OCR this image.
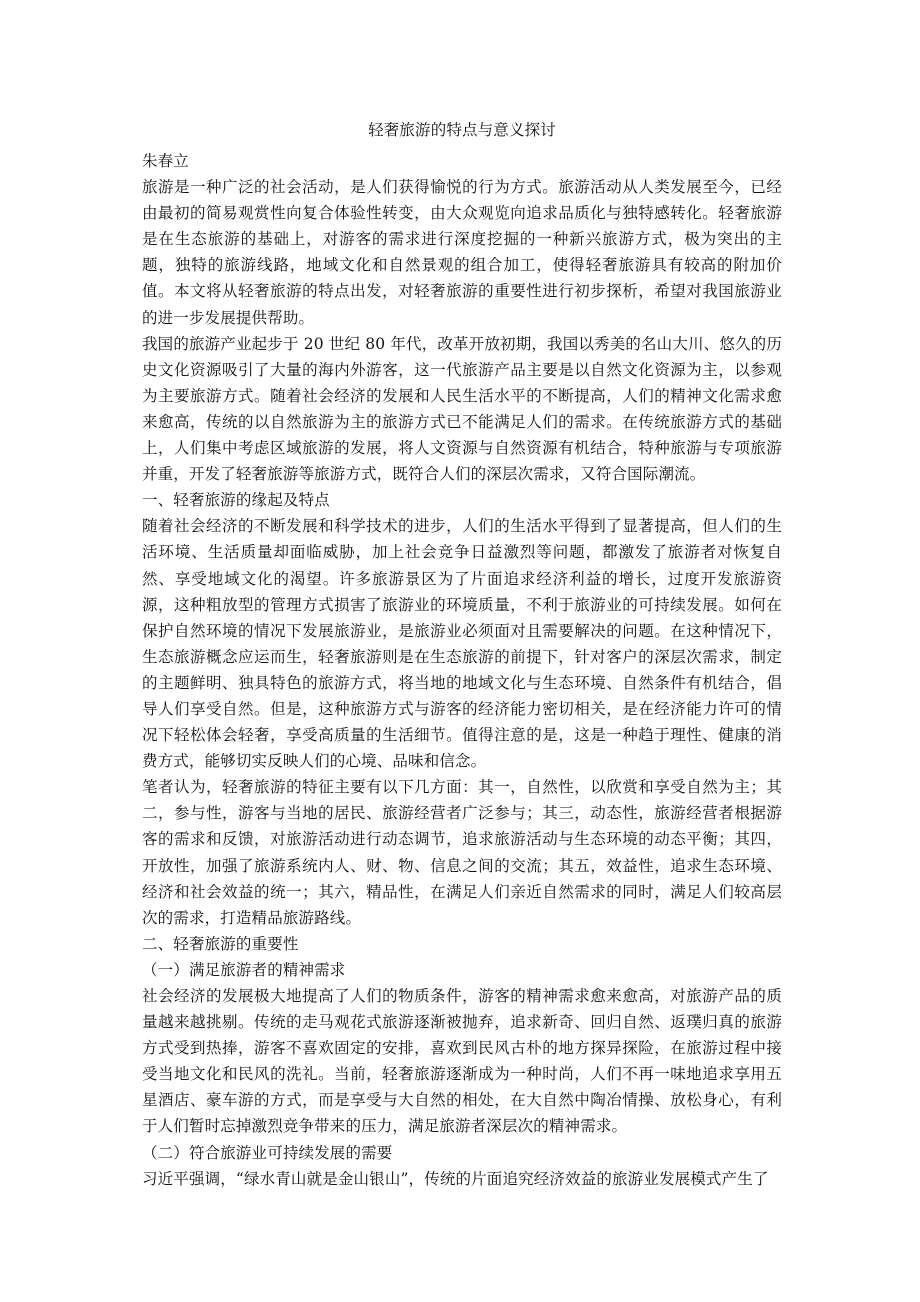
轻奢旅游的特点与意义探讨

朱春立

旅游是一种广泛的社会活动，是人们获得愉悦的行为方式。旅游活动从人类发展至今，已经由最初的简易观赏性向复合体验性转变，由大众观览向追求品质化与独特感转化。轻奢旅游是在生态旅游的基础上，对游客的需求进行深度挖掘的一种新兴旅游方式，极为突出的主题，独特的旅游线路，地域文化和自然景观的组合加工，使得轻奢旅游具有较高的附加价值。本文将从轻奢旅游的特点出发，对轻奢旅游的重要性进行初步探析，希望对我国旅游业的进一步发展提供帮助。

我国的旅游产业起步于 20 世纪 80 年代，改革开放初期，我国以秀美的名山大川、悠久的历史文化资源吸引了大量的海内外游客，这一代旅游产品主要是以自然文化资源为主，以参观为主要旅游方式。随着社会经济的发展和人民生活水平的不断提高，人们的精神文化需求愈来愈高，传统的以自然旅游为主的旅游方式已不能满足人们的需求。在传统旅游方式的基础上，人们集中考虑区域旅游的发展，将人文资源与自然资源有机结合，特种旅游与专项旅游并重，开发了轻奢旅游等旅游方式，既符合人们的深层次需求，又符合国际潮流。

一、轻奢旅游的缘起及特点

随着社会经济的不断发展和科学技术的进步，人们的生活水平得到了显著提高，但人们的生活环境、生活质量却面临威胁，加上社会竞争日益激烈等问题，都激发了旅游者对恢复自然、享受地域文化的渴望。许多旅游景区为了片面追求经济利益的增长，过度开发旅游资源，这种粗放型的管理方式损害了旅游业的环境质量，不利于旅游业的可持续发展。如何在保护自然环境的情况下发展旅游业，是旅游业必须面对且需要解决的问题。在这种情况下，生态旅游概念应运而生，轻奢旅游则是在生态旅游的前提下，针对客户的深层次需求，制定的主题鲜明、独具特色的旅游方式，将当地的地域文化与生态环境、自然条件有机结合，倡导人们享受自然。但是，这种旅游方式与游客的经济能力密切相关，是在经济能力许可的情况下轻松体会轻奢，享受高质量的生活细节。值得注意的是，这是一种趋于理性、健康的消费方式，能够切实反映人们的心境、品味和信念。

笔者认为，轻奢旅游的特征主要有以下几方面：其一，自然性，以欣赏和享受自然为主；其二，参与性，游客与当地的居民、旅游经营者广泛参与；其三，动态性，旅游经营者根据游客的需求和反馈，对旅游活动进行动态调节，追求旅游活动与生态环境的动态平衡；其四，开放性，加强了旅游系统内人、财、物、信息之间的交流；其五，效益性，追求生态环境、经济和社会效益的统一；其六，精品性，在满足人们亲近自然需求的同时，满足人们较高层次的需求，打造精品旅游路线。

二、轻奢旅游的重要性

（一）满足旅游者的精神需求

社会经济的发展极大地提高了人们的物质条件，游客的精神需求愈来愈高，对旅游产品的质量越来越挑剔。传统的走马观花式旅游逐渐被抛弃，追求新奇、回归自然、返璞归真的旅游方式受到热捧，游客不喜欢固定的安排，喜欢到民风古朴的地方探异探险，在旅游过程中接受当地文化和民风的洗礼。当前，轻奢旅游逐渐成为一种时尚，人们不再一味地追求享用五星酒店、豪车游的方式，而是享受与大自然的相处，在大自然中陶冶情操、放松身心，有利于人们暂时忘掉激烈竞争带来的压力，满足旅游者深层次的精神需求。

（二）符合旅游业可持续发展的需要

习近平强调，“绿水青山就是金山银山”，传统的片面追究经济效益的旅游业发展模式产生了
